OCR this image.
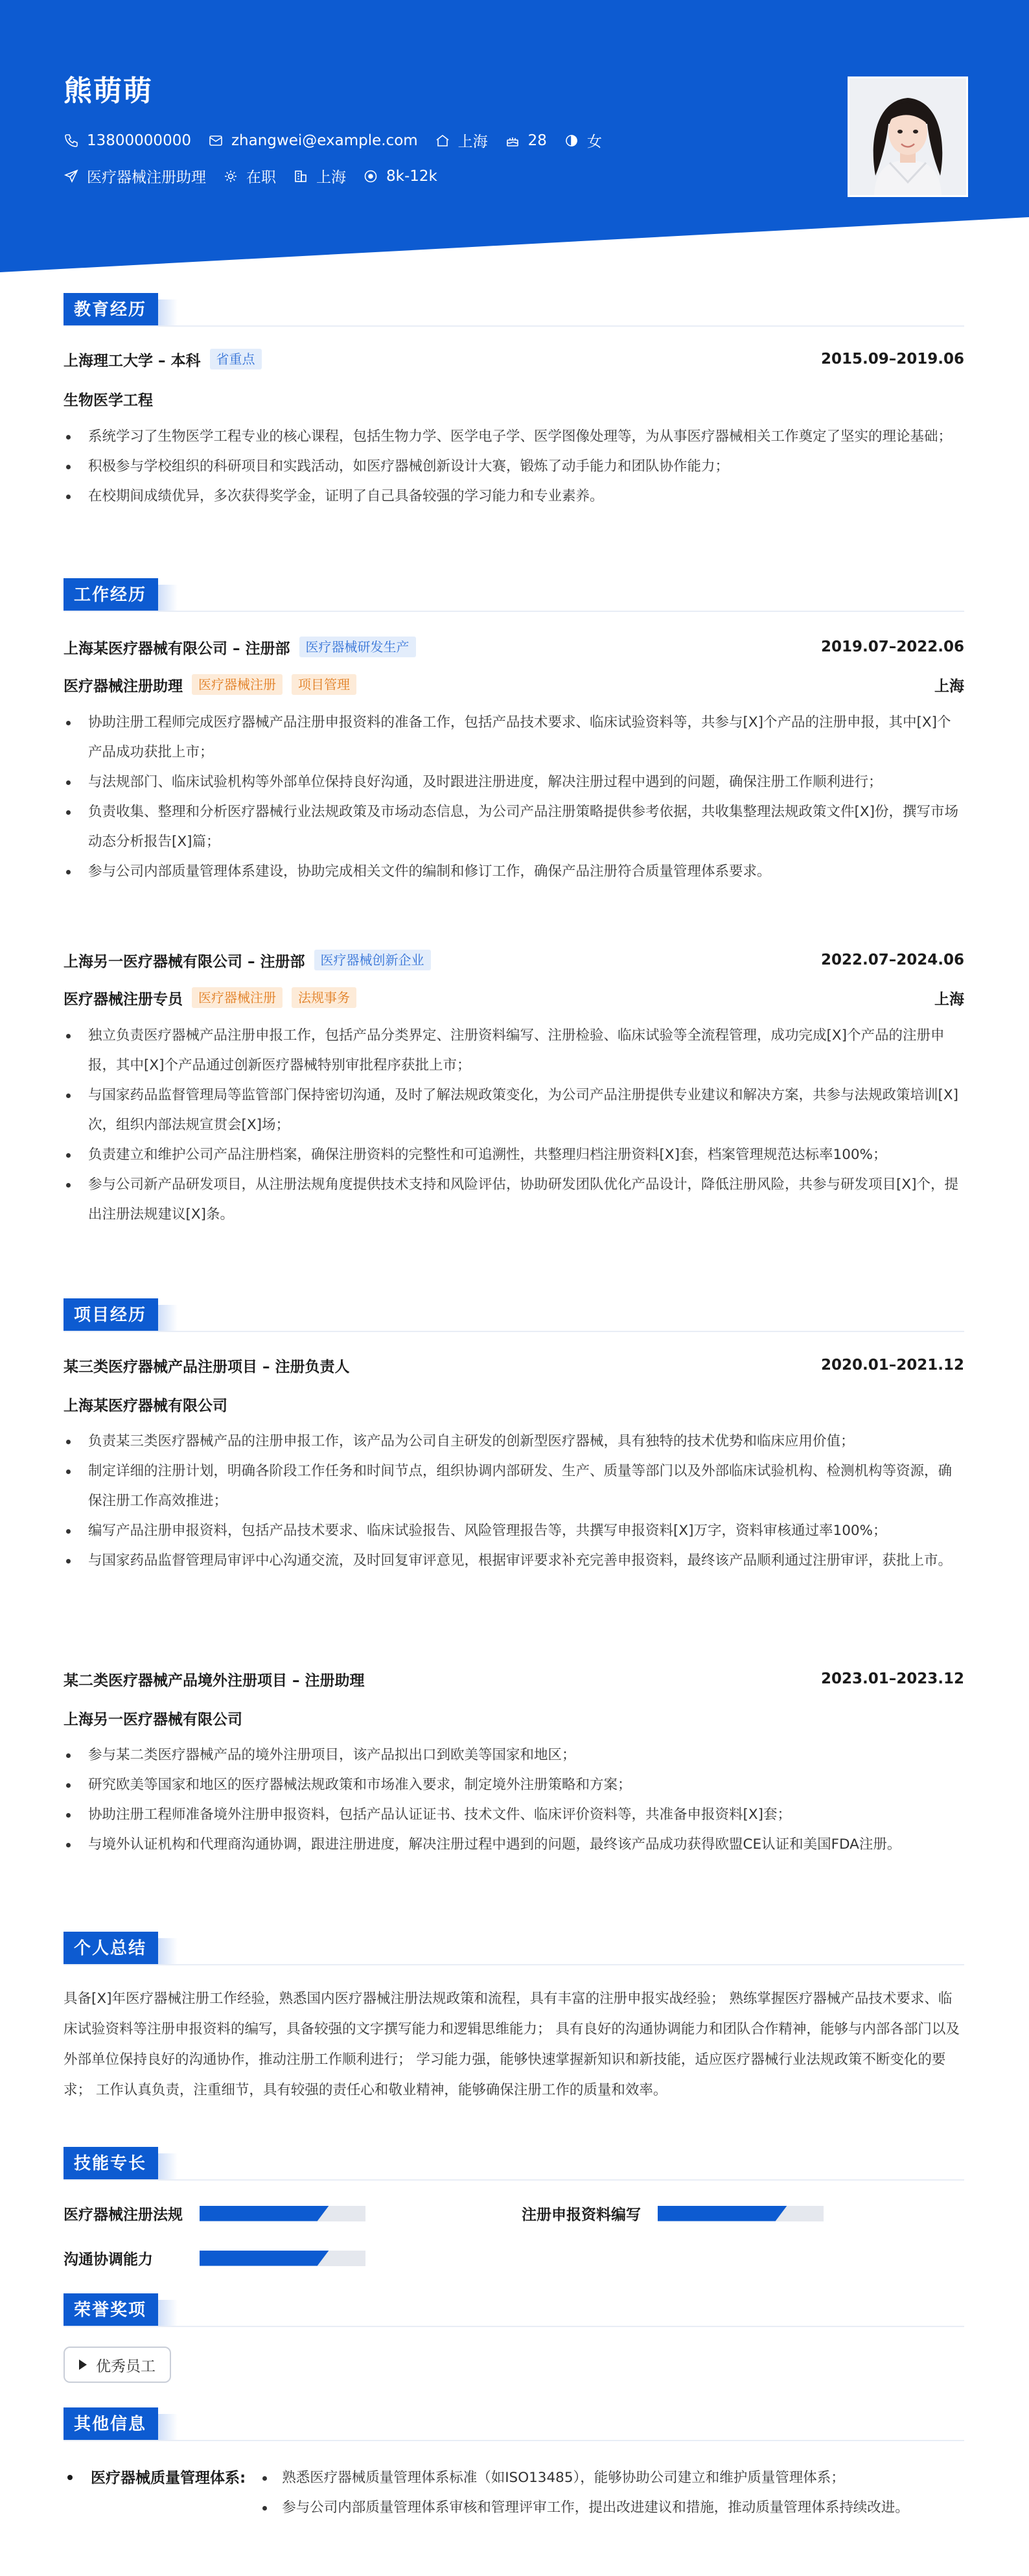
熊萌萌
13800000000	zhangwei@example.com	上海	28	女
医疗器械注册助理	在职	上海	8k-12k
教育经历
上海理工大学 – 本科	省重点	2015.09–2019.06
生物医学工程
系统学习了生物医学工程专业的核心课程，包括生物力学、医学电子学、医学图像处理等，为从事医疗器械相关工作奠定了坚实的理论基础；
积极参与学校组织的科研项目和实践活动，如医疗器械创新设计大赛，锻炼了动手能力和团队协作能力；
在校期间成绩优异，多次获得奖学金，证明了自己具备较强的学习能力和专业素养。
工作经历
上海某医疗器械有限公司 – 注册部	医疗器械研发生产	2019.07–2022.06
医疗器械注册助理	医疗器械注册	项目管理	上海
协助注册工程师完成医疗器械产品注册申报资料的准备工作，包括产品技术要求、临床试验资料等，共参与[X]个产品的注册申报，其中[X]个产品成功获批上市；
与法规部门、临床试验机构等外部单位保持良好沟通，及时跟进注册进度，解决注册过程中遇到的问题，确保注册工作顺利进行；
负责收集、整理和分析医疗器械行业法规政策及市场动态信息，为公司产品注册策略提供参考依据，共收集整理法规政策文件[X]份，撰写市场动态分析报告[X]篇；
参与公司内部质量管理体系建设，协助完成相关文件的编制和修订工作，确保产品注册符合质量管理体系要求。
上海另一医疗器械有限公司 – 注册部	医疗器械创新企业	2022.07–2024.06
医疗器械注册专员	医疗器械注册	法规事务	上海
独立负责医疗器械产品注册申报工作，包括产品分类界定、注册资料编写、注册检验、临床试验等全流程管理，成功完成[X]个产品的注册申报，其中[X]个产品通过创新医疗器械特别审批程序获批上市；
与国家药品监督管理局等监管部门保持密切沟通，及时了解法规政策变化，为公司产品注册提供专业建议和解决方案，共参与法规政策培训[X]次，组织内部法规宣贯会[X]场；
负责建立和维护公司产品注册档案，确保注册资料的完整性和可追溯性，共整理归档注册资料[X]套，档案管理规范达标率100%；
参与公司新产品研发项目，从注册法规角度提供技术支持和风险评估，协助研发团队优化产品设计，降低注册风险，共参与研发项目[X]个，提出注册法规建议[X]条。
项目经历
某三类医疗器械产品注册项目 – 注册负责人	2020.01–2021.12
上海某医疗器械有限公司
负责某三类医疗器械产品的注册申报工作，该产品为公司自主研发的创新型医疗器械，具有独特的技术优势和临床应用价值；
制定详细的注册计划，明确各阶段工作任务和时间节点，组织协调内部研发、生产、质量等部门以及外部临床试验机构、检测机构等资源，确保注册工作高效推进；
编写产品注册申报资料，包括产品技术要求、临床试验报告、风险管理报告等，共撰写申报资料[X]万字，资料审核通过率100%；
与国家药品监督管理局审评中心沟通交流，及时回复审评意见，根据审评要求补充完善申报资料，最终该产品顺利通过注册审评，获批上市。
某二类医疗器械产品境外注册项目 – 注册助理	2023.01–2023.12
上海另一医疗器械有限公司
参与某二类医疗器械产品的境外注册项目，该产品拟出口到欧美等国家和地区；
研究欧美等国家和地区的医疗器械法规政策和市场准入要求，制定境外注册策略和方案；
协助注册工程师准备境外注册申报资料，包括产品认证证书、技术文件、临床评价资料等，共准备申报资料[X]套；
与境外认证机构和代理商沟通协调，跟进注册进度，解决注册过程中遇到的问题，最终该产品成功获得欧盟CE认证和美国FDA注册。
个人总结

具备[X]年医疗器械注册工作经验，熟悉国内医疗器械注册法规政策和流程，具有丰富的注册申报实战经验； 熟练掌握医疗器械产品技术要求、临床试验资料等注册申报资料的编写，具备较强的文字撰写能力和逻辑思维能力； 具有良好的沟通协调能力和团队合作精神，能够与内部各部门以及外部单位保持良好的沟通协作，推动注册工作顺利进行； 学习能力强，能够快速掌握新知识和新技能，适应医疗器械行业法规政策不断变化的要求； 工作认真负责，注重细节，具有较强的责任心和敬业精神，能够确保注册工作的质量和效率。

技能专长
医疗器械注册法规	注册申报资料编写
沟通协调能力
荣誉奖项
优秀员工
其他信息
医疗器械质量管理体系:	熟悉医疗器械质量管理体系标准（如ISO13485），能够协助公司建立和维护质量管理体系；
参与公司内部质量管理体系审核和管理评审工作，提出改进建议和措施，推动质量管理体系持续改进。
